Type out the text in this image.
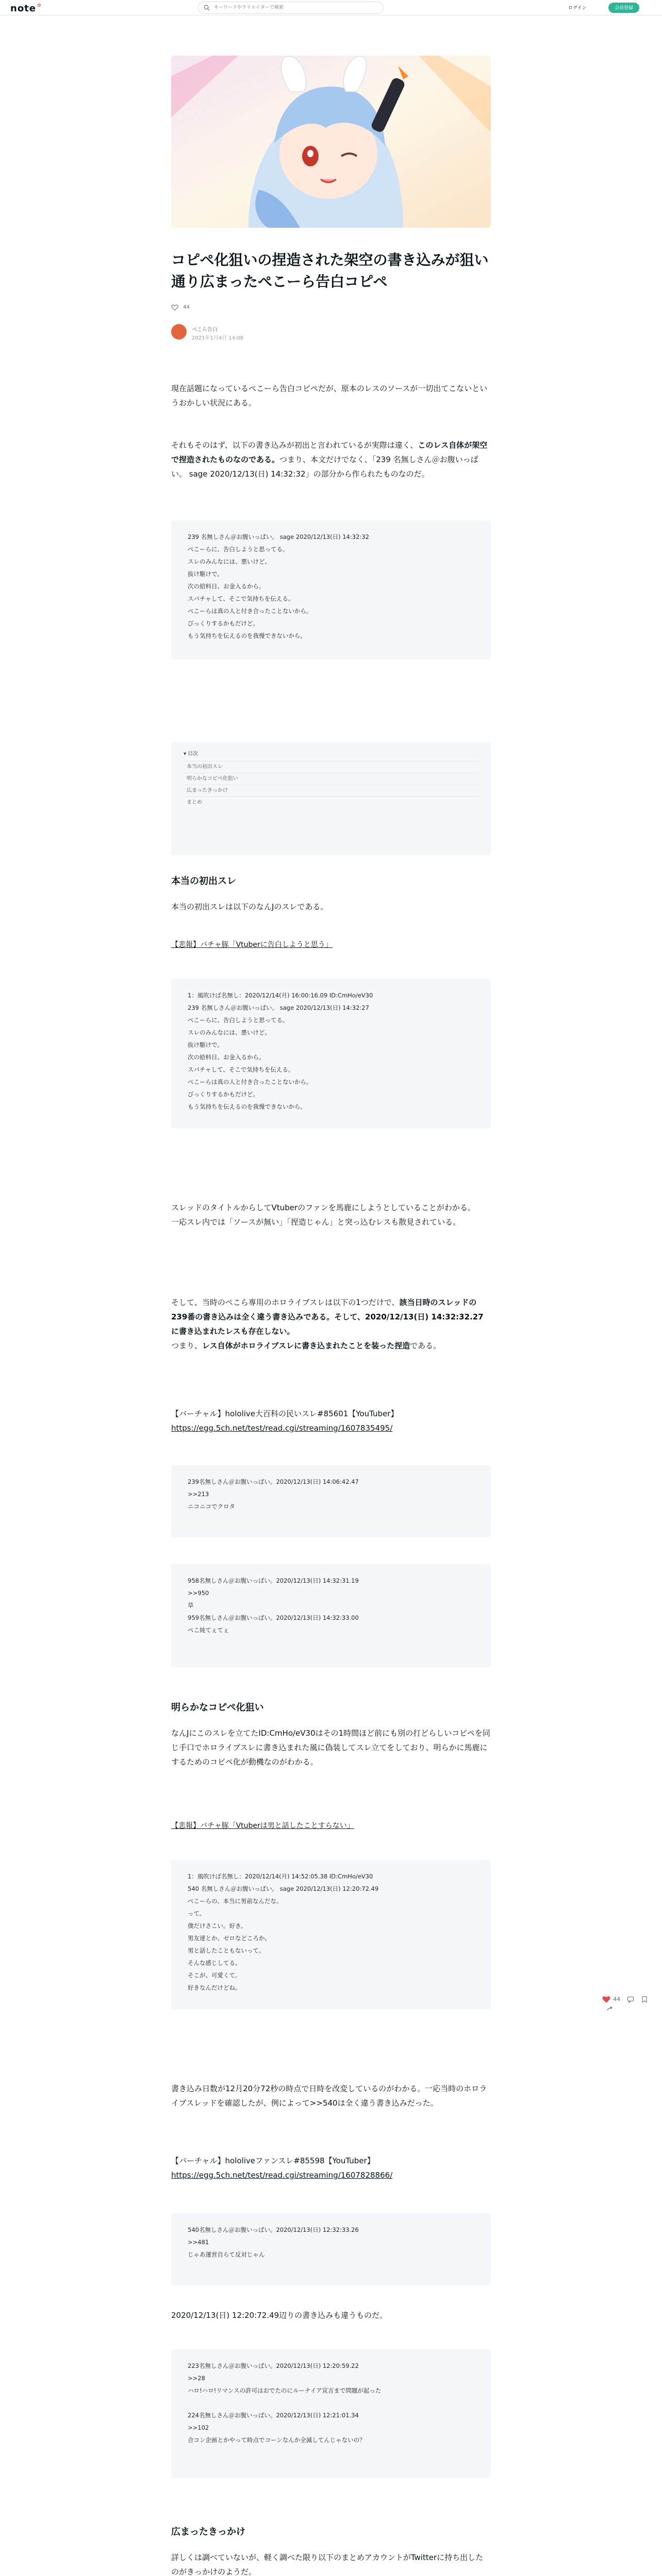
note ✿
キーワードやクリエイターで検索	ログイン	会員登録
コピペ化狙いの捏造された架空の書き込みが狙い通り広まったぺこーら告白コピペ
44
ぺこら告白
2021年1月4日 14:08

現在話題になっているぺこーら告白コピペだが、原本のレスのソースが一切出てこないというおかしい状況にある。

それもそのはず、以下の書き込みが初出と言われているが実際は違く、このレス自体が架空で捏造されたものなのである。つまり、本文だけでなく、「239 名無しさん＠お腹いっぱい。 sage 2020/12/13(日) 14:32:32」の部分から作られたものなのだ。

239 名無しさん＠お腹いっぱい。 sage 2020/12/13(日) 14:32:32
ぺこーらに、告白しようと思ってる。
スレのみんなには、悪いけど。
抜け駆けで。
次の給料日、お金入るから。
スパチャして、そこで気持ちを伝える。
ぺこーらは真の人と付き合ったことないから。
びっくりするかもだけど。
もう気持ちを伝えるのを我慢できないから。
▾ 目次
本当の初出スレ
明らかなコピペ化狙い
広まったきっかけ
まとめ
本当の初出スレ

本当の初出スレは以下のなんJのスレである。

【悲報】バチャ豚「Vtuberに告白しようと思う」
1：風吹けば名無し：2020/12/14(月) 16:00:16.09 ID:CmHo/eV30
239 名無しさん＠お腹いっぱい。 sage 2020/12/13(日) 14:32:27
ぺこーらに、告白しようと思ってる。
スレのみんなには、悪いけど。
抜け駆けで。
次の給料日、お金入るから。
スパチャして、そこで気持ちを伝える。
ぺこーらは真の人と付き合ったことないから。
びっくりするかもだけど。
もう気持ちを伝えるのを我慢できないから。

スレッドのタイトルからしてVtuberのファンを馬鹿にしようとしていることがわかる。
一応スレ内では「ソースが無い」「捏造じゃん」と突っ込むレスも散見されている。

そして、当時のぺこら専用のホロライブスレは以下の1つだけで、該当日時のスレッドの239番の書き込みは全く違う書き込みである。そして、2020/12/13(日) 14:32:32.27に書き込まれたレスも存在しない。
つまり、レス自体がホロライブスレに書き込まれたことを装った捏造である。

【バーチャル】hololive大百科の民いスレ#85601【YouTuber】
https://egg.5ch.net/test/read.cgi/streaming/1607835495/

239名無しさん＠お腹いっぱい。2020/12/13(日) 14:06:42.47
>>213
ニコニコでクロタ
958名無しさん＠お腹いっぱい。2020/12/13(日) 14:32:31.19
>>950
草
959名無しさん＠お腹いっぱい。2020/12/13(日) 14:32:33.00
ぺこ純てぇてぇ
明らかなコピペ化狙い

なんJにこのスレを立てたID:CmHo/eV30はその1時間ほど前にも別の打どらしいコピペを同じ手口でホロライブスレに書き込まれた風に偽装してスレ立てをしており、明らかに馬鹿にするためのコピペ化が動機なのがわかる。

【悲報】バチャ豚「Vtuberは男と話したことすらない」
1：風吹けば名無し：2020/12/14(月) 14:52:05.38 ID:CmHo/eV30
540 名無しさん＠お腹いっぱい。 sage 2020/12/13(日) 12:20:72.49
ぺこーらの、本当に男前なんだな。
って。
僕だけさこい。好き。
男友達とか、ゼロなどころか。
男と話したこともないって。
そんな感じしてる。
そこが、可愛くて。
好きなんだけどね。
44

書き込み日数が12月20分72秒の時点で日時を改変しているのがわかる。一応当時のホロライブスレッドを確認したが、例によって>>540は全く違う書き込みだった。

【バーチャル】hololiveファンスレ#85598【YouTuber】
https://egg.5ch.net/test/read.cgi/streaming/1607828866/

540名無しさん＠お腹いっぱい。2020/12/13(日) 12:32:33.26
>>481
じゃあ運営自らて反対じゃん

2020/12/13(日) 12:20:72.49辺りの書き込みも違うものだ。

223名無しさん＠お腹いっぱい。2020/12/13(日) 12:20:59.22
>>28
ハロ!ハロ!リマンスの許可はおでたのにルーナイア宣言まで問題が起った
224名無しさん＠お腹いっぱい。2020/12/13(日) 12:21:01.34
>>102
合コン企画とかやって時点でコーンなんか全滅してんじゃないの？
広まったきっかけ

詳しくは調べていないが、軽く調べた限り以下のまとめアカウントがTwitterに持ち出したのがきっかけのようだ。
